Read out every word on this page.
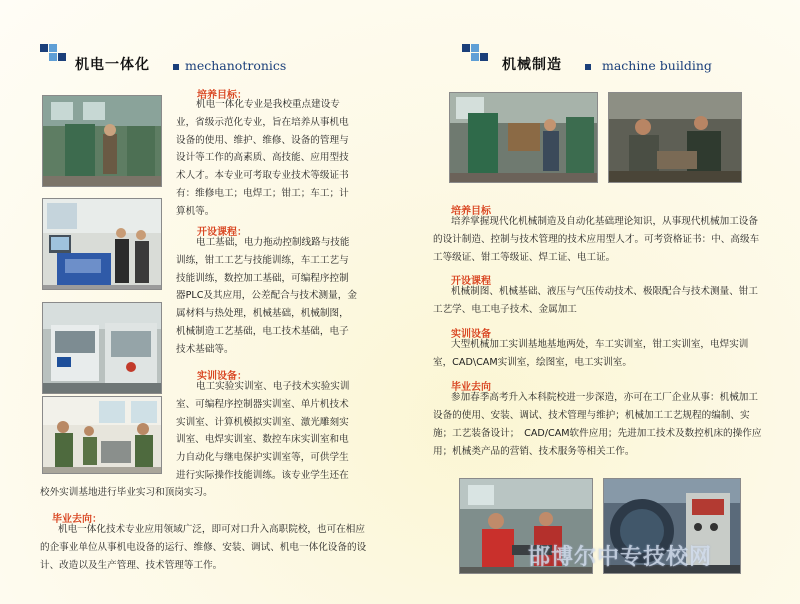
机电一体化	mechanotronics
培养目标：
机电一体化专业是我校重点建设专业，省级示范化专业，旨在培养从事机电设备的使用、维护、维修、设备的管理与设计等工作的高素质、高技能、应用型技术人才。本专业可考取专业技术等级证书有：维修电工；电焊工；钳工；车工；计算机等。
开设课程：
电工基础，电力拖动控制线路与技能训练，钳工工艺与技能训练，车工工艺与技能训练，数控加工基础，可编程序控制器PLC及其应用，公差配合与技术测量，金属材料与热处理，机械基础，机械制图，机械制造工艺基础，电工技术基础，电子技术基础等。
实训设备：
电工实验实训室、电子技术实验实训室、可编程序控制器实训室、单片机技术实训室、计算机模拟实训室、激光雕刻实训室、电焊实训室、数控车床实训室和电力自动化与继电保护实训室等，可供学生进行实际操作技能训练。该专业学生还在
校外实训基地进行毕业实习和顶岗实习。
毕业去向：
机电一体化技术专业应用领域广泛，即可对口升入高职院校，也可在相应的企事业单位从事机电设备的运行、维修、安装、调试、机电一体化设备的设计、改造以及生产管理、技术管理等工作。
机械制造	machine building
培养目标
培养掌握现代化机械制造及自动化基础理论知识，从事现代机械加工设备的设计制造、控制与技术管理的技术应用型人才。可考资格证书：中、高级车工等级证、钳工等级证、焊工证、电工证。
开设课程
机械制图、机械基础、液压与气压传动技术、极限配合与技术测量、钳工工艺学、电工电子技术、金属加工
实训设备
大型机械加工实训基地基地两处，车工实训室，钳工实训室，电焊实训室，CAD\CAM实训室，绘图室，电工实训室。
毕业去向
参加春季高考升入本科院校进一步深造，亦可在工厂企业从事：机械加工设备的使用、安装、调试、技术管理与维护；机械加工工艺规程的编制、实施；工艺装备设计；　CAD/CAM软件应用；先进加工技术及数控机床的操作应用；机械类产品的营销、技术服务等相关工作。
邯博尔中专技校网
